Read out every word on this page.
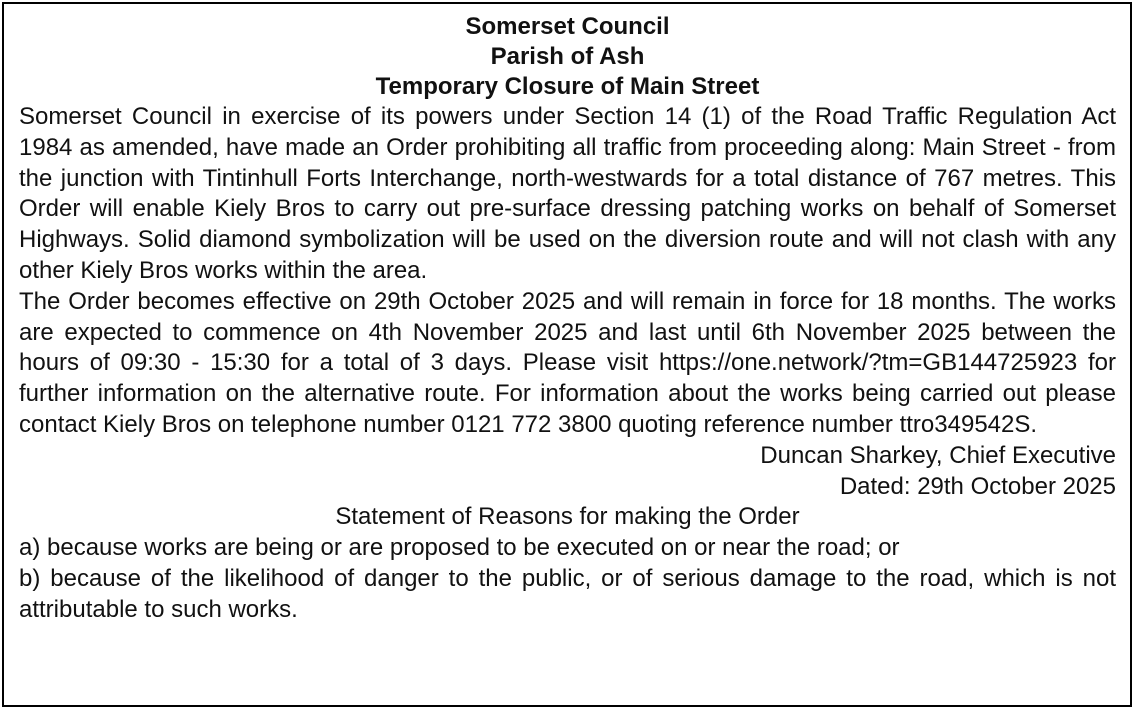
Somerset Council
Parish of Ash
Temporary Closure of Main Street

Somerset Council in exercise of its powers under Section 14 (1) of the Road Traffic Regulation Act 1984 as amended, have made an Order prohibiting all traffic from proceeding along: Main Street - from the junction with Tintinhull Forts Interchange, north-westwards for a total distance of 767 metres. This Order will enable Kiely Bros to carry out pre-surface dressing patching works on behalf of Somerset Highways. Solid diamond symbolization will be used on the diversion route and will not clash with any other Kiely Bros works within the area.

The Order becomes effective on 29th October 2025 and will remain in force for 18 months. The works are expected to commence on 4th November 2025 and last until 6th November 2025 between the hours of 09:30 - 15:30 for a total of 3 days. Please visit https://one.network/?tm=GB144725923 for further information on the alternative route. For information about the works being carried out please contact Kiely Bros on telephone number 0121 772 3800 quoting reference number ttro349542S.

Duncan Sharkey, Chief Executive

Dated: 29th October 2025

Statement of Reasons for making the Order

a) because works are being or are proposed to be executed on or near the road; or

b) because of the likelihood of danger to the public, or of serious damage to the road, which is not attributable to such works.
